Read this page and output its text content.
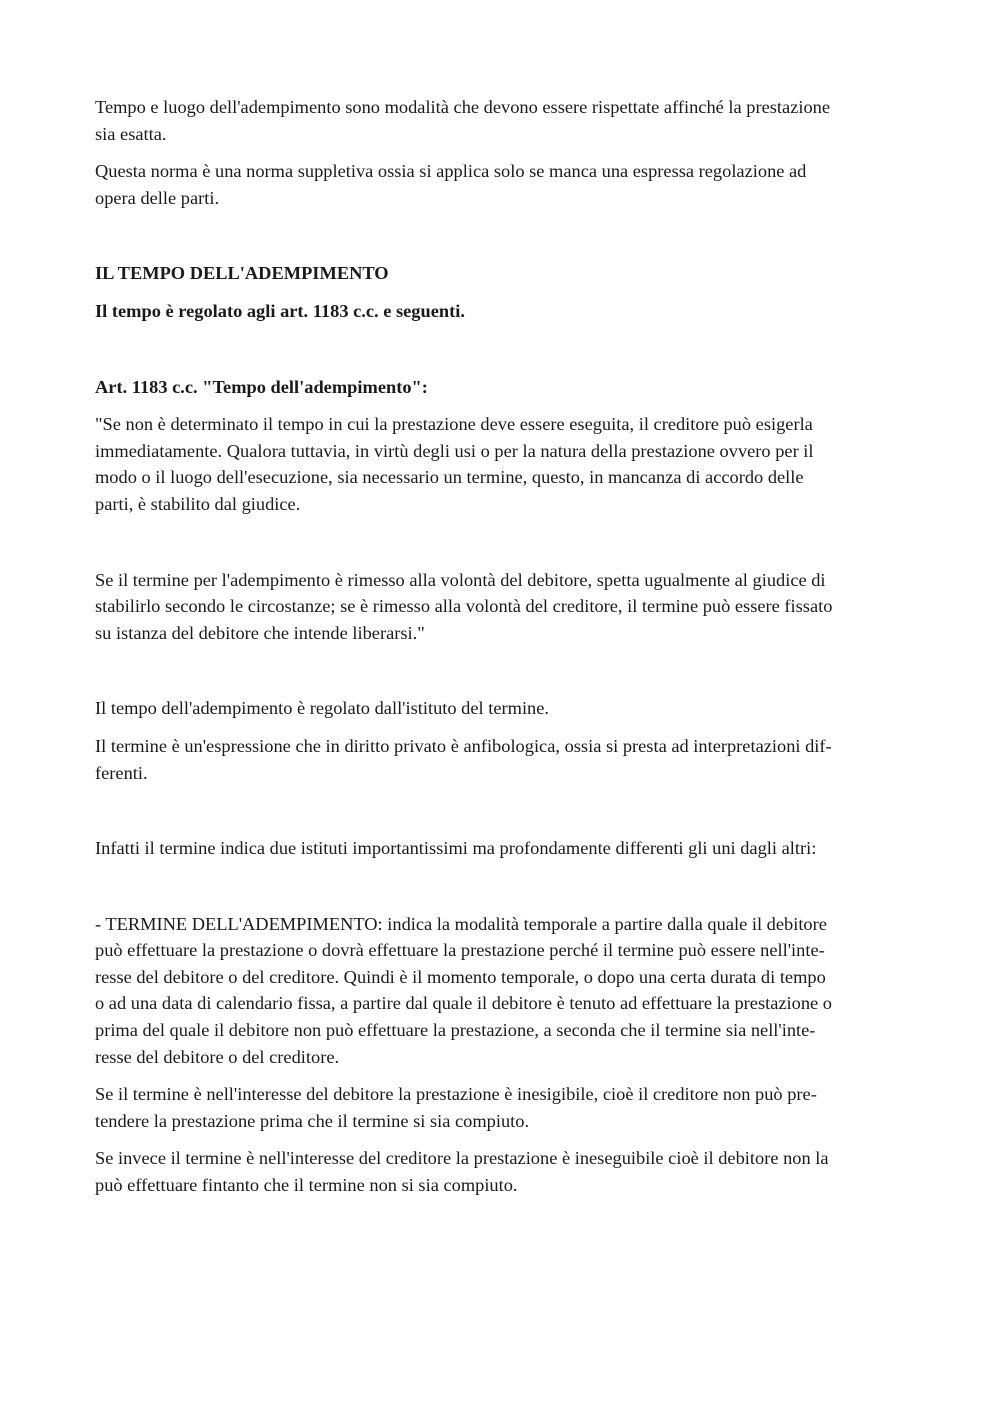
Tempo e luogo dell'adempimento sono modalità che devono essere rispettate affinché la prestazione
sia esatta.

Questa norma è una norma suppletiva ossia si applica solo se manca una espressa regolazione ad
opera delle parti.

IL TEMPO DELL'ADEMPIMENTO

Il tempo è regolato agli art. 1183 c.c. e seguenti.

Art. 1183 c.c. "Tempo dell'adempimento":

"Se non è determinato il tempo in cui la prestazione deve essere eseguita, il creditore può esigerla
immediatamente. Qualora tuttavia, in virtù degli usi o per la natura della prestazione ovvero per il
modo o il luogo dell'esecuzione, sia necessario un termine, questo, in mancanza di accordo delle
parti, è stabilito dal giudice.

Se il termine per l'adempimento è rimesso alla volontà del debitore, spetta ugualmente al giudice di
stabilirlo secondo le circostanze; se è rimesso alla volontà del creditore, il termine può essere fissato
su istanza del debitore che intende liberarsi."

Il tempo dell'adempimento è regolato dall'istituto del termine.

Il termine è un'espressione che in diritto privato è anfibologica, ossia si presta ad interpretazioni dif-
ferenti.

Infatti il termine indica due istituti importantissimi ma profondamente differenti gli uni dagli altri:

- TERMINE DELL'ADEMPIMENTO: indica la modalità temporale a partire dalla quale il debitore
può effettuare la prestazione o dovrà effettuare la prestazione perché il termine può essere nell'inte-
resse del debitore o del creditore. Quindi è il momento temporale, o dopo una certa durata di tempo
o ad una data di calendario fissa, a partire dal quale il debitore è tenuto ad effettuare la prestazione o
prima del quale il debitore non può effettuare la prestazione, a seconda che il termine sia nell'inte-
resse del debitore o del creditore.

Se il termine è nell'interesse del debitore la prestazione è inesigibile, cioè il creditore non può pre-
tendere la prestazione prima che il termine si sia compiuto.

Se invece il termine è nell'interesse del creditore la prestazione è ineseguibile cioè il debitore non la
può effettuare fintanto che il termine non si sia compiuto.
